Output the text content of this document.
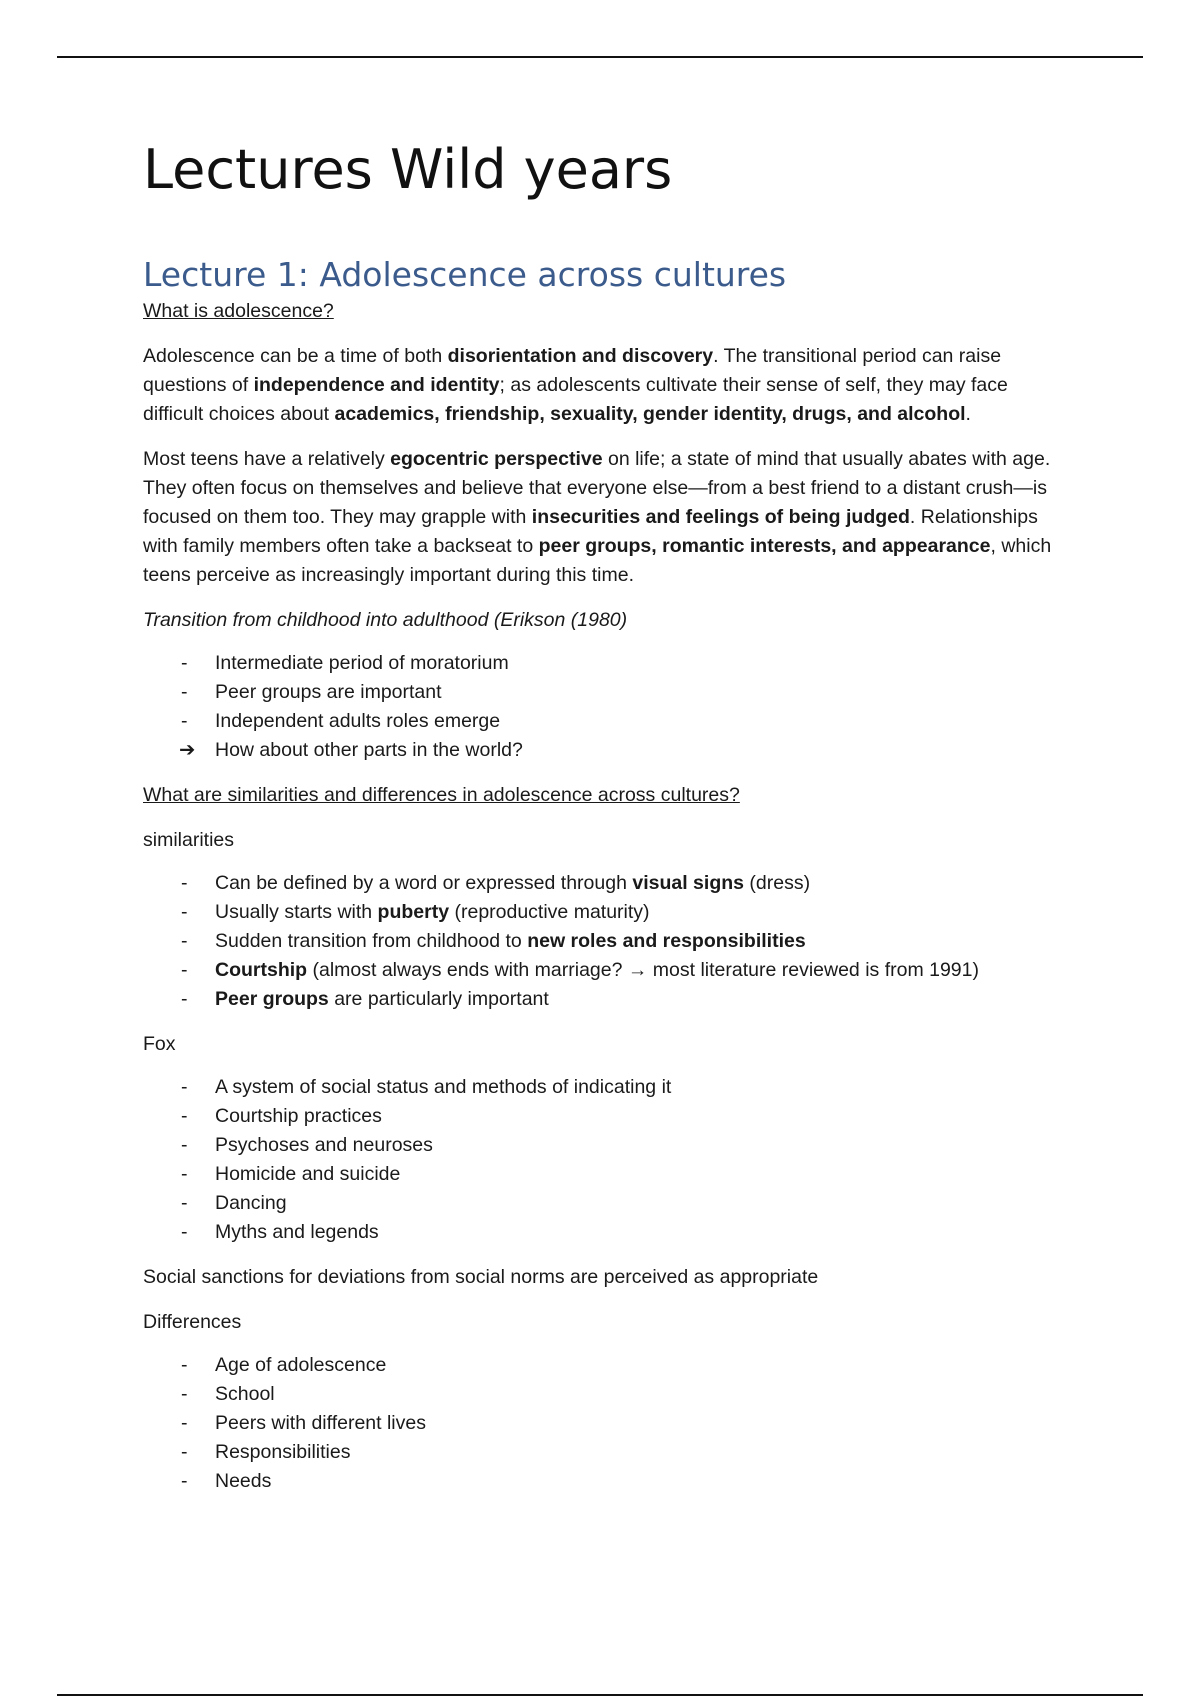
Lectures Wild years
Lecture 1: Adolescence across cultures

What is adolescence?

Adolescence can be a time of both disorientation and discovery. The transitional period can raise questions of independence and identity; as adolescents cultivate their sense of self, they may face difficult choices about academics, friendship, sexuality, gender identity, drugs, and alcohol.

Most teens have a relatively egocentric perspective on life; a state of mind that usually abates with age. They often focus on themselves and believe that everyone else—from a best friend to a distant crush—is focused on them too. They may grapple with insecurities and feelings of being judged. Relationships with family members often take a backseat to peer groups, romantic interests, and appearance, which teens perceive as increasingly important during this time.

Transition from childhood into adulthood (Erikson (1980)

-	Intermediate period of moratorium
-	Peer groups are important
-	Independent adults roles emerge
➔ How about other parts in the world?

What are similarities and differences in adolescence across cultures?

similarities

-	Can be defined by a word or expressed through visual signs (dress)
-	Usually starts with puberty (reproductive maturity)
-	Sudden transition from childhood to new roles and responsibilities
-	Courtship (almost always ends with marriage? → most literature reviewed is from 1991)
-	Peer groups are particularly important

Fox

-	A system of social status and methods of indicating it
-	Courtship practices
-	Psychoses and neuroses
-	Homicide and suicide
-	Dancing
-	Myths and legends

Social sanctions for deviations from social norms are perceived as appropriate

Differences

-	Age of adolescence
-	School
-	Peers with different lives
-	Responsibilities
-	Needs
